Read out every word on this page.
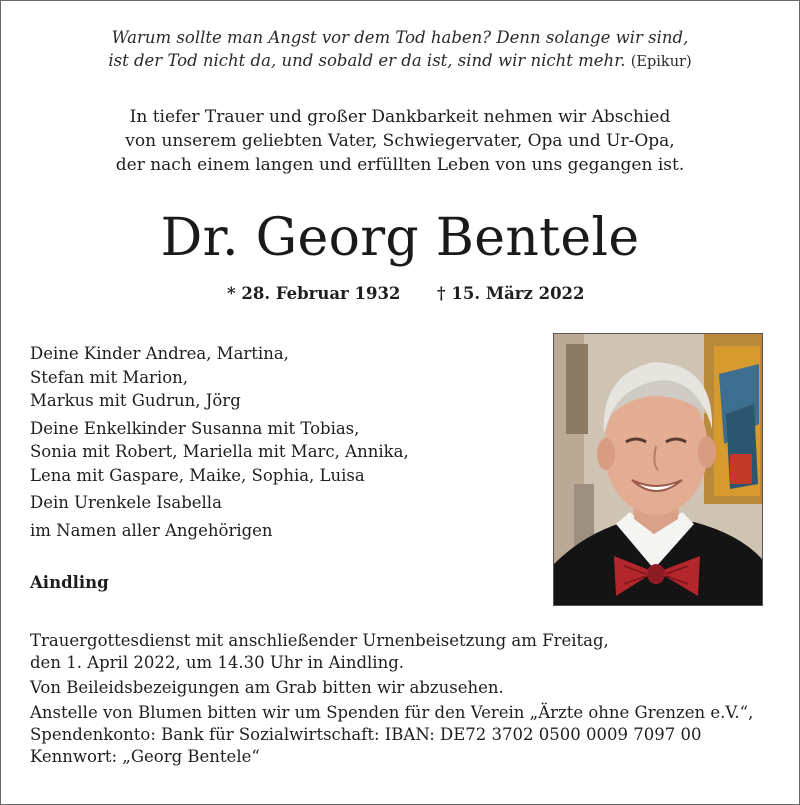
Warum sollte man Angst vor dem Tod haben? Denn solange wir sind,
ist der Tod nicht da, und sobald er da ist, sind wir nicht mehr. (Epikur)
In tiefer Trauer und großer Dankbarkeit nehmen wir Abschied
von unserem geliebten Vater, Schwiegervater, Opa und Ur-Opa,
der nach einem langen und erfüllten Leben von uns gegangen ist.
Dr. Georg Bentele
* 28. Februar 1932 † 15. März 2022
Deine Kinder Andrea, Martina,
Stefan mit Marion,
Markus mit Gudrun, Jörg
Deine Enkelkinder Susanna mit Tobias,
Sonia mit Robert, Mariella mit Marc, Annika,
Lena mit Gaspare, Maike, Sophia, Luisa
Dein Urenkele Isabella
im Namen aller Angehörigen
Aindling
Trauergottesdienst mit anschließender Urnenbeisetzung am Freitag,
den 1. April 2022, um 14.30 Uhr in Aindling.
Von Beileidsbezeigungen am Grab bitten wir abzusehen.
Anstelle von Blumen bitten wir um Spenden für den Verein „Ärzte ohne Grenzen e.V.“,
Spendenkonto: Bank für Sozialwirtschaft: IBAN: DE72 3702 0500 0009 7097 00
Kennwort: „Georg Bentele“
